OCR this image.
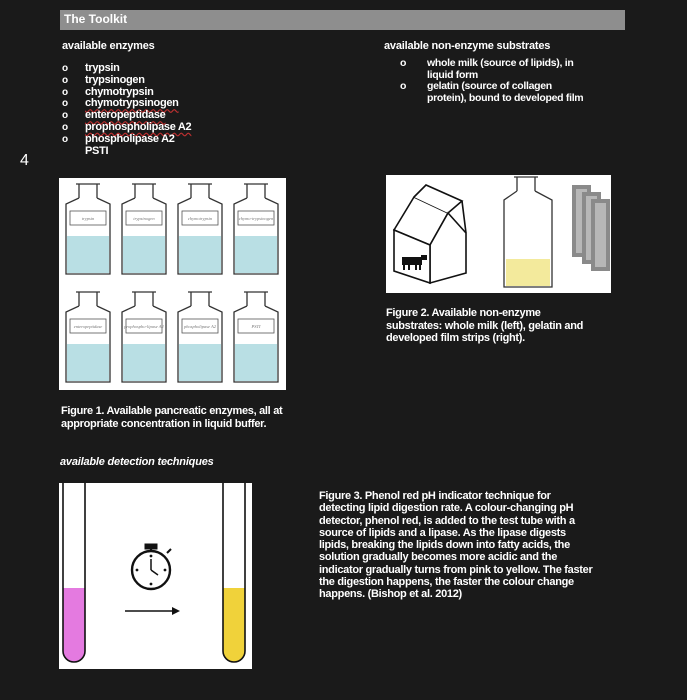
The Toolkit
available enzymes
o trypsin
o trypsinogen
o chymotrypsin
o chymotrypsinogen
o enteropeptidase
o prophospholipase A2
o phospholipase A2
PSTI
available non-enzyme substrates
o	whole milk (source of lipids), in
liquid form
o	gelatin (source of collagen
protein), bound to developed film
4
trypsin	trypsinogen	chymotrypsin	chymo-trypsinogen
enteropeptidase	prophospho-lipase A2	phospholipase A2	PSTI
Figure 1. Available pancreatic enzymes, all at
appropriate concentration in liquid buffer.
Figure 2. Available non-enzyme
substrates: whole milk (left), gelatin and
developed film strips (right).
available detection techniques
Figure 3. Phenol red pH indicator technique for
detecting lipid digestion rate. A colour-changing pH
detector, phenol red, is added to the test tube with a
source of lipids and a lipase. As the lipase digests
lipids, breaking the lipids down into fatty acids, the
solution gradually becomes more acidic and the
indicator gradually turns from pink to yellow. The faster
the digestion happens, the faster the colour change
happens. (Bishop et al. 2012)
